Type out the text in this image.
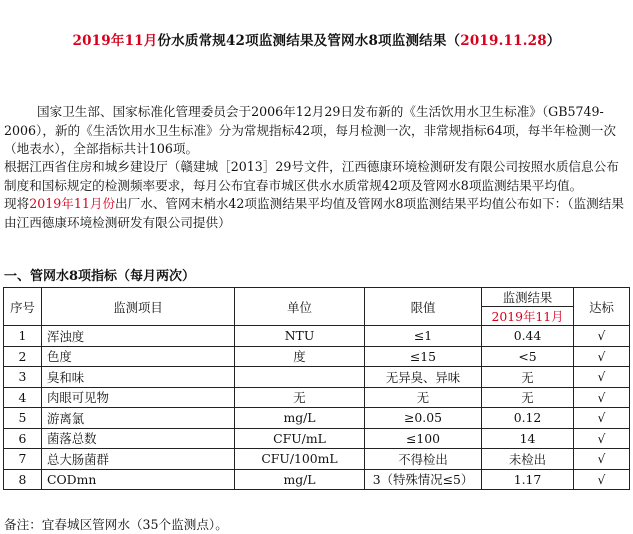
2019年11月份水质常规42项监测结果及管网水8项监测结果（2019.11.28）

国家卫生部、国家标准化管理委员会于2006年12月29日发布新的《生活饮用水卫生标准》（GB5749-2006），新的《生活饮用水卫生标准》分为常规指标42项，每月检测一次，非常规指标64项，每半年检测一次（地表水），全部指标共计106项。

根据江西省住房和城乡建设厅（赣建城［2013］29号文件，江西德康环境检测研发有限公司按照水质信息公布制度和国标规定的检测频率要求，每月公布宜春市城区供水水质常规42项及管网水8项监测结果平均值。

现将2019年11月份出厂水、管网末梢水42项监测结果平均值及管网水8项监测结果平均值公布如下：（监测结果由江西德康环境检测研发有限公司提供）

一、管网水8项指标（每月两次）
序号	监测项目	单位	限值	监测结果	达标
				2019年11月	
1	浑浊度	NTU	≤1	0.44	√
2	色度	度	≤15	<5	√
3	臭和味		无异臭、异味	无	√
4	肉眼可见物	无	无	无	√
5	游离氯	mg/L	≥0.05	0.12	√
6	菌落总数	CFU/mL	≤100	14	√
7	总大肠菌群	CFU/100mL	不得检出	未检出	√
8	CODmn	mg/L	3（特殊情况≤5）	1.17	√
备注：宜春城区管网水（35个监测点）。
